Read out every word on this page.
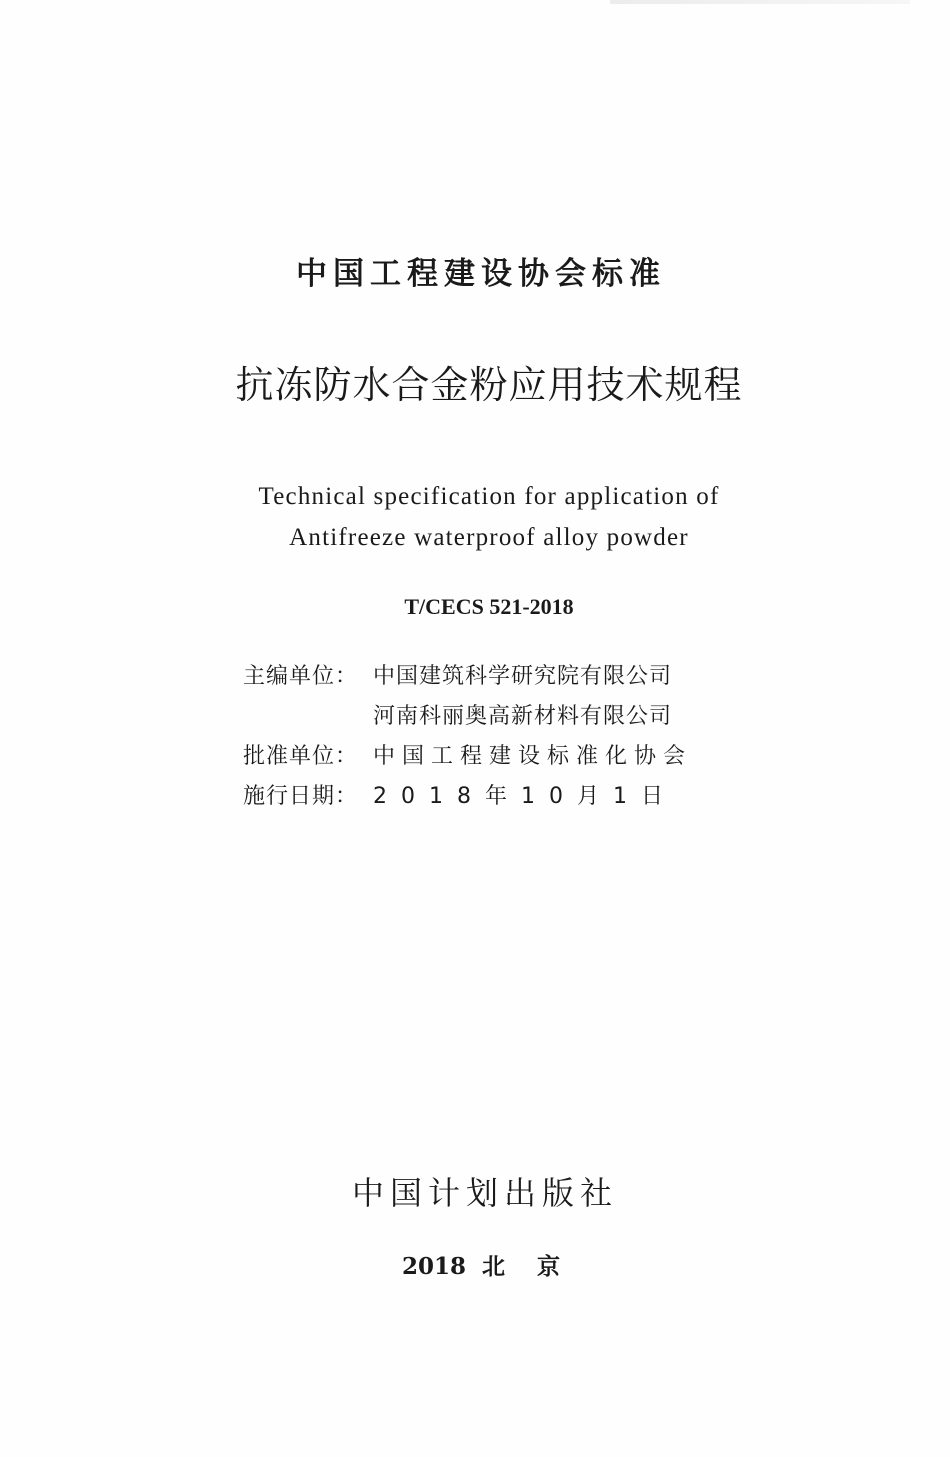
中国工程建设协会标准
抗冻防水合金粉应用技术规程
Technical specification for application of
Antifreeze waterproof alloy powder
T/CECS 521-2018
主编单位： 中国建筑科学研究院有限公司
河南科丽奥高新材料有限公司
批准单位： 中国工程建设标准化协会
施行日期： 2018年10月1日
中国计划出版社
2018  北    京
